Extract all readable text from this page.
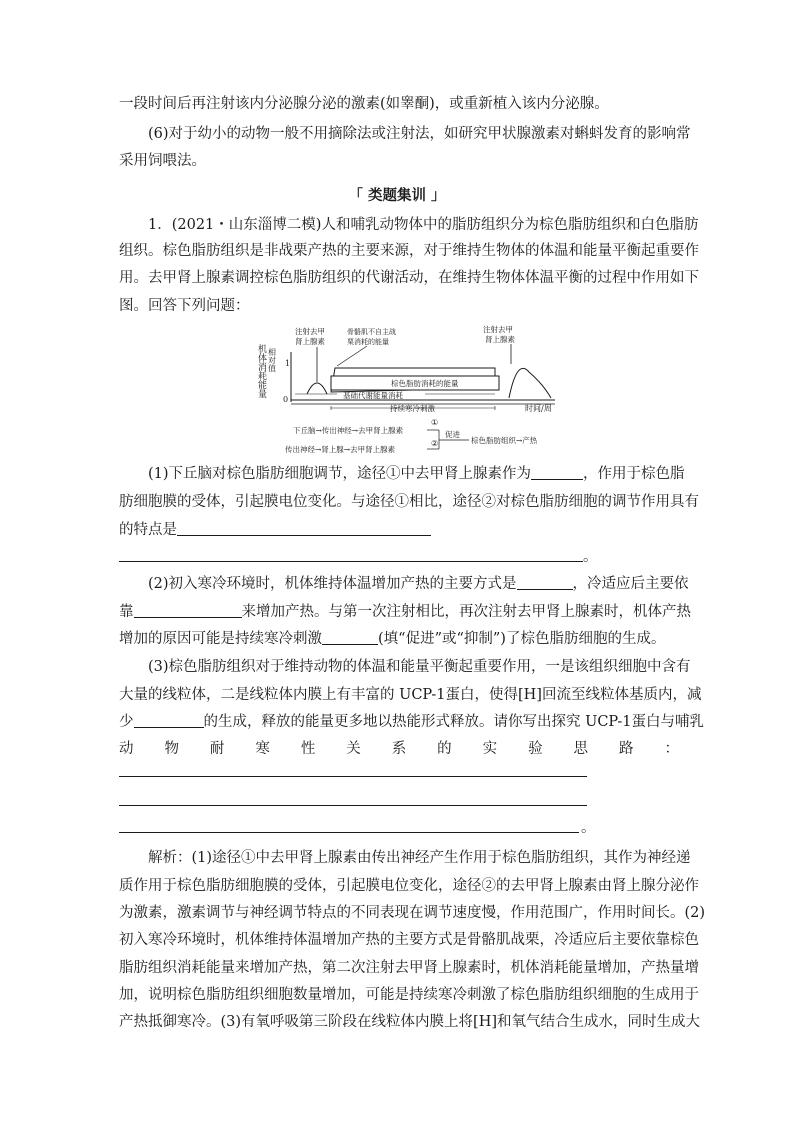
一段时间后再注射该内分泌腺分泌的激素(如睾酮)，或重新植入该内分泌腺。
(6)对于幼小的动物一般不用摘除法或注射法，如研究甲状腺激素对蝌蚪发育的影响常
采用饲喂法。
「 类题集训 」
1．(2021・山东淄博二模)人和哺乳动物体中的脂肪组织分为棕色脂肪组织和白色脂肪
组织。棕色脂肪组织是非战栗产热的主要来源，对于维持生物体的体温和能量平衡起重要作
用。去甲肾上腺素调控棕色脂肪组织的代谢活动，在维持生物体体温平衡的过程中作用如下
图。回答下列问题：
机体消耗能量 相对值 1
0
时间/周
注射去甲
肾上腺素
注射去甲
肾上腺素
骨骼肌不自主战
栗消耗的能量
棕色脂肪消耗的能量
基础代谢能量消耗
持续寒冷刺激
下丘脑→传出神经→去甲肾上腺素
传出神经→肾上腺→去甲肾上腺素
①
②
促进
棕色脂肪组织→产热
(1)下丘脑对棕色脂肪细胞调节，途径①中去甲肾上腺素作为	，作用于棕色脂
肪细胞膜的受体，引起膜电位变化。与途径①相比，途径②对棕色脂肪细胞的调节作用具有
的特点是
。
(2)初入寒冷环境时，机体维持体温增加产热的主要方式是	，冷适应后主要依
靠	来增加产热。与第一次注射相比，再次注射去甲肾上腺素时，机体产热
增加的原因可能是持续寒冷刺激	(填“促进”或“抑制”)了棕色脂肪细胞的生成。
(3)棕色脂肪组织对于维持动物的体温和能量平衡起重要作用，一是该组织细胞中含有
大量的线粒体，二是线粒体内膜上有丰富的 UCP-1蛋白，使得[H]回流至线粒体基质内，减
少	的生成，释放的能量更多地以热能形式释放。请你写出探究 UCP-1蛋白与哺乳
动 物 耐 寒 性 关 系 的 实 验 思 路 ：
。
解析：(1)途径①中去甲肾上腺素由传出神经产生作用于棕色脂肪组织，其作为神经递
质作用于棕色脂肪细胞膜的受体，引起膜电位变化，途径②的去甲肾上腺素由肾上腺分泌作
为激素，激素调节与神经调节特点的不同表现在调节速度慢，作用范围广，作用时间长。(2)
初入寒冷环境时，机体维持体温增加产热的主要方式是骨骼肌战栗，冷适应后主要依靠棕色
脂肪组织消耗能量来增加产热，第二次注射去甲肾上腺素时，机体消耗能量增加，产热量增
加，说明棕色脂肪组织细胞数量增加，可能是持续寒冷刺激了棕色脂肪组织细胞的生成用于
产热抵御寒冷。(3)有氧呼吸第三阶段在线粒体内膜上将[H]和氧气结合生成水，同时生成大
